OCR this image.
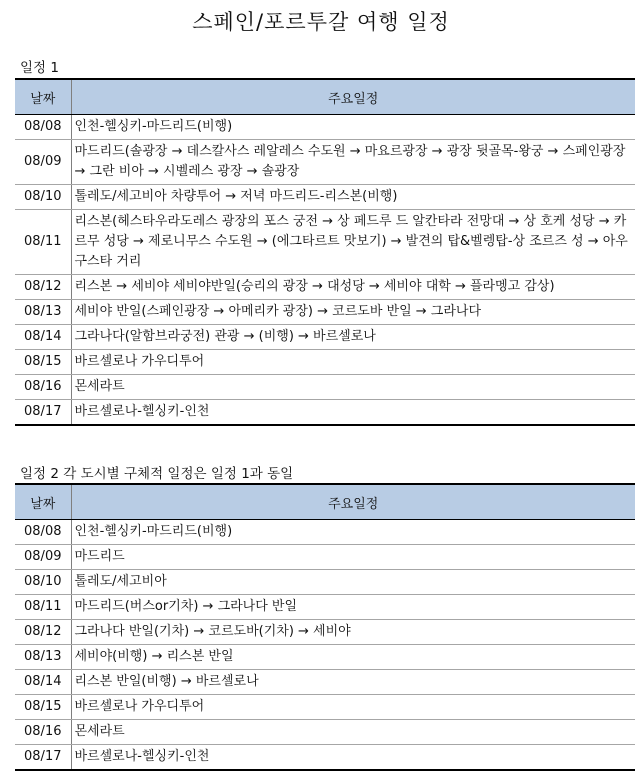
스페인/포르투갈 여행 일정
일정 1
날짜	주요일정
08/08	인천-헬싱키-마드리드(비행)
08/09	마드리드(솔광장 → 데스칼사스 레알레스 수도원 → 마요르광장 → 광장 뒷골목-왕궁 → 스페인광장 → 그란 비아 → 시벨레스 광장 → 솔광장
08/10	톨레도/세고비아 차량투어 → 저녁 마드리드-리스본(비행)
08/11	리스본(헤스타우라도레스 광장의 포스 궁전 → 상 페드루 드 알칸타라 전망대 → 상 호케 성당 → 카르무 성당 → 제로니무스 수도원 → (에그타르트 맛보기) → 발견의 탑&벨렝탑-상 조르즈 성 → 아우구스타 거리
08/12	리스본 → 세비야 세비야반일(승리의 광장 → 대성당 → 세비야 대학 → 플라멩고 감상)
08/13	세비야 반일(스페인광장 → 아메리카 광장) → 코르도바 반일 → 그라나다
08/14	그라나다(알함브라궁전) 관광 → (비행) → 바르셀로나
08/15	바르셀로나 가우디투어
08/16	몬세라트
08/17	바르셀로나-헬싱키-인천
일정 2 각 도시별 구체적 일정은 일정 1과 동일
날짜	주요일정
08/08	인천-헬싱키-마드리드(비행)
08/09	마드리드
08/10	톨레도/세고비아
08/11	마드리드(버스or기차) → 그라나다 반일
08/12	그라나다 반일(기차) → 코르도바(기차) → 세비야
08/13	세비야(비행) → 리스본 반일
08/14	리스본 반일(비행) → 바르셀로나
08/15	바르셀로나 가우디투어
08/16	몬세라트
08/17	바르셀로나-헬싱키-인천
